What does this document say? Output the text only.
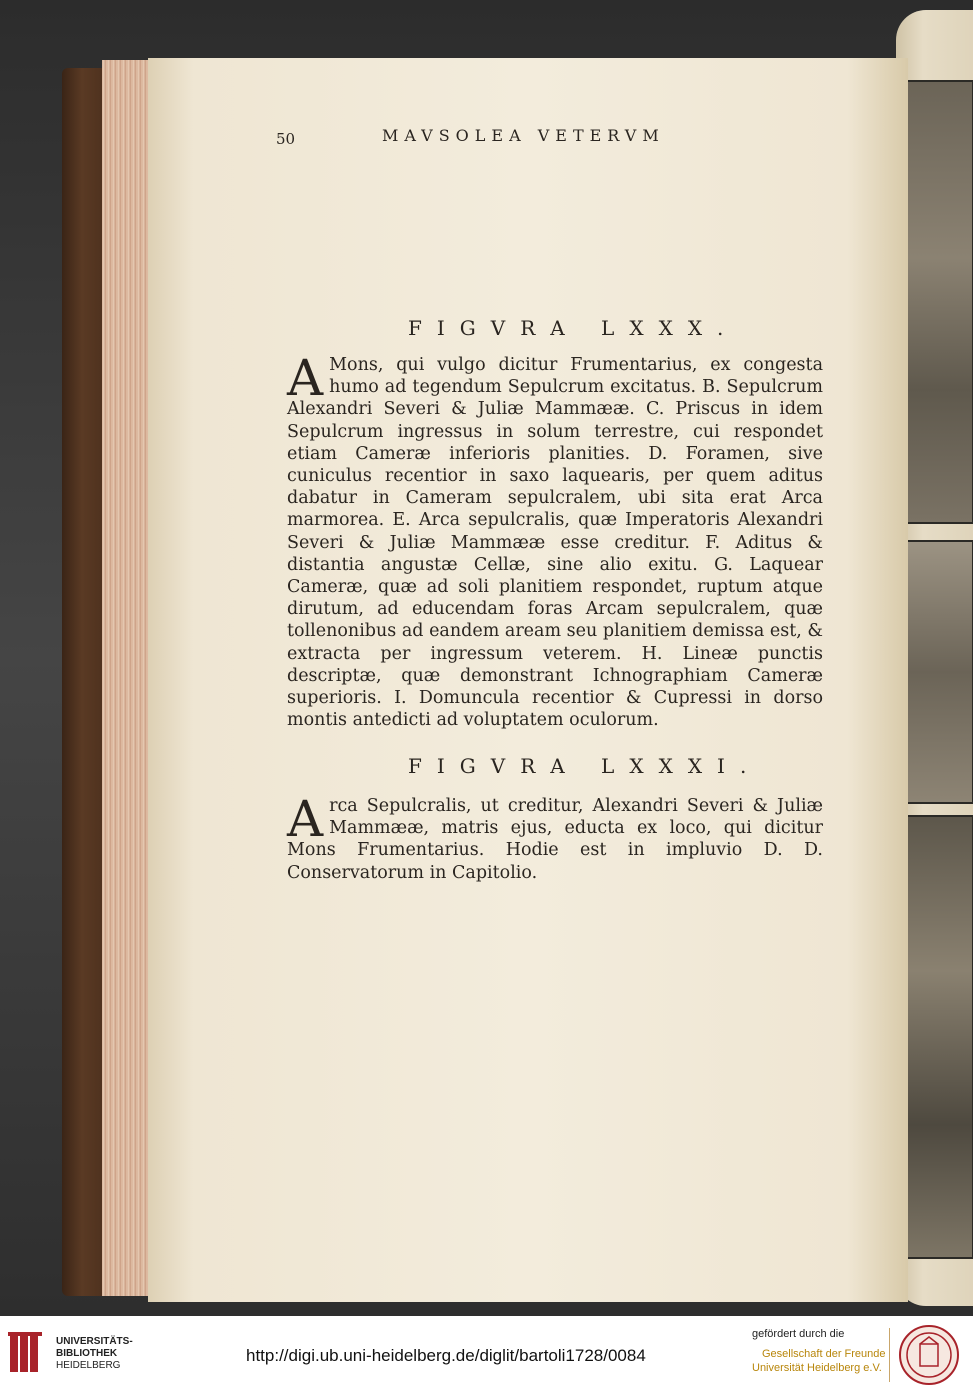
50	MAVSOLEA VETERVM
FIGVRA LXXX.
A Mons, qui vulgo dicitur Frumentarius, ex congesta humo ad tegendum Sepulcrum excitatus. B. Sepulcrum Alexandri Severi & Juliæ Mammææ. C. Priscus in idem Sepulcrum ingressus in solum terrestre, cui respondet etiam Cameræ inferioris planities. D. Foramen, sive cuniculus recentior in saxo laquearis, per quem aditus dabatur in Cameram sepulcralem, ubi sita erat Arca marmorea. E. Arca sepulcralis, quæ Imperatoris Alexandri Severi & Juliæ Mammææ esse creditur. F. Aditus & distantia angustæ Cellæ, sine alio exitu. G. Laquear Cameræ, quæ ad soli planitiem respondet, ruptum atque dirutum, ad educendam foras Arcam sepulcralem, quæ tollenonibus ad eandem aream seu planitiem demissa est, & extracta per ingressum veterem. H. Lineæ punctis descriptæ, quæ demonstrant Ichnographiam Cameræ superioris. I. Domuncula recentior & Cupressi in dorso montis antedicti ad voluptatem oculorum.
FIGVRA LXXXI.
Arca Sepulcralis, ut creditur, Alexandri Severi & Juliæ Mammææ, matris ejus, educta ex loco, qui dicitur Mons Frumentarius. Hodie est in impluvio D. D. Conservatorum in Capitolio.
UNIVERSITÄTS-
BIBLIOTHEK
HEIDELBERG
http://digi.ub.uni-heidelberg.de/diglit/bartoli1728/0084
gefördert durch die
Gesellschaft der Freunde
Universität Heidelberg e.V.
